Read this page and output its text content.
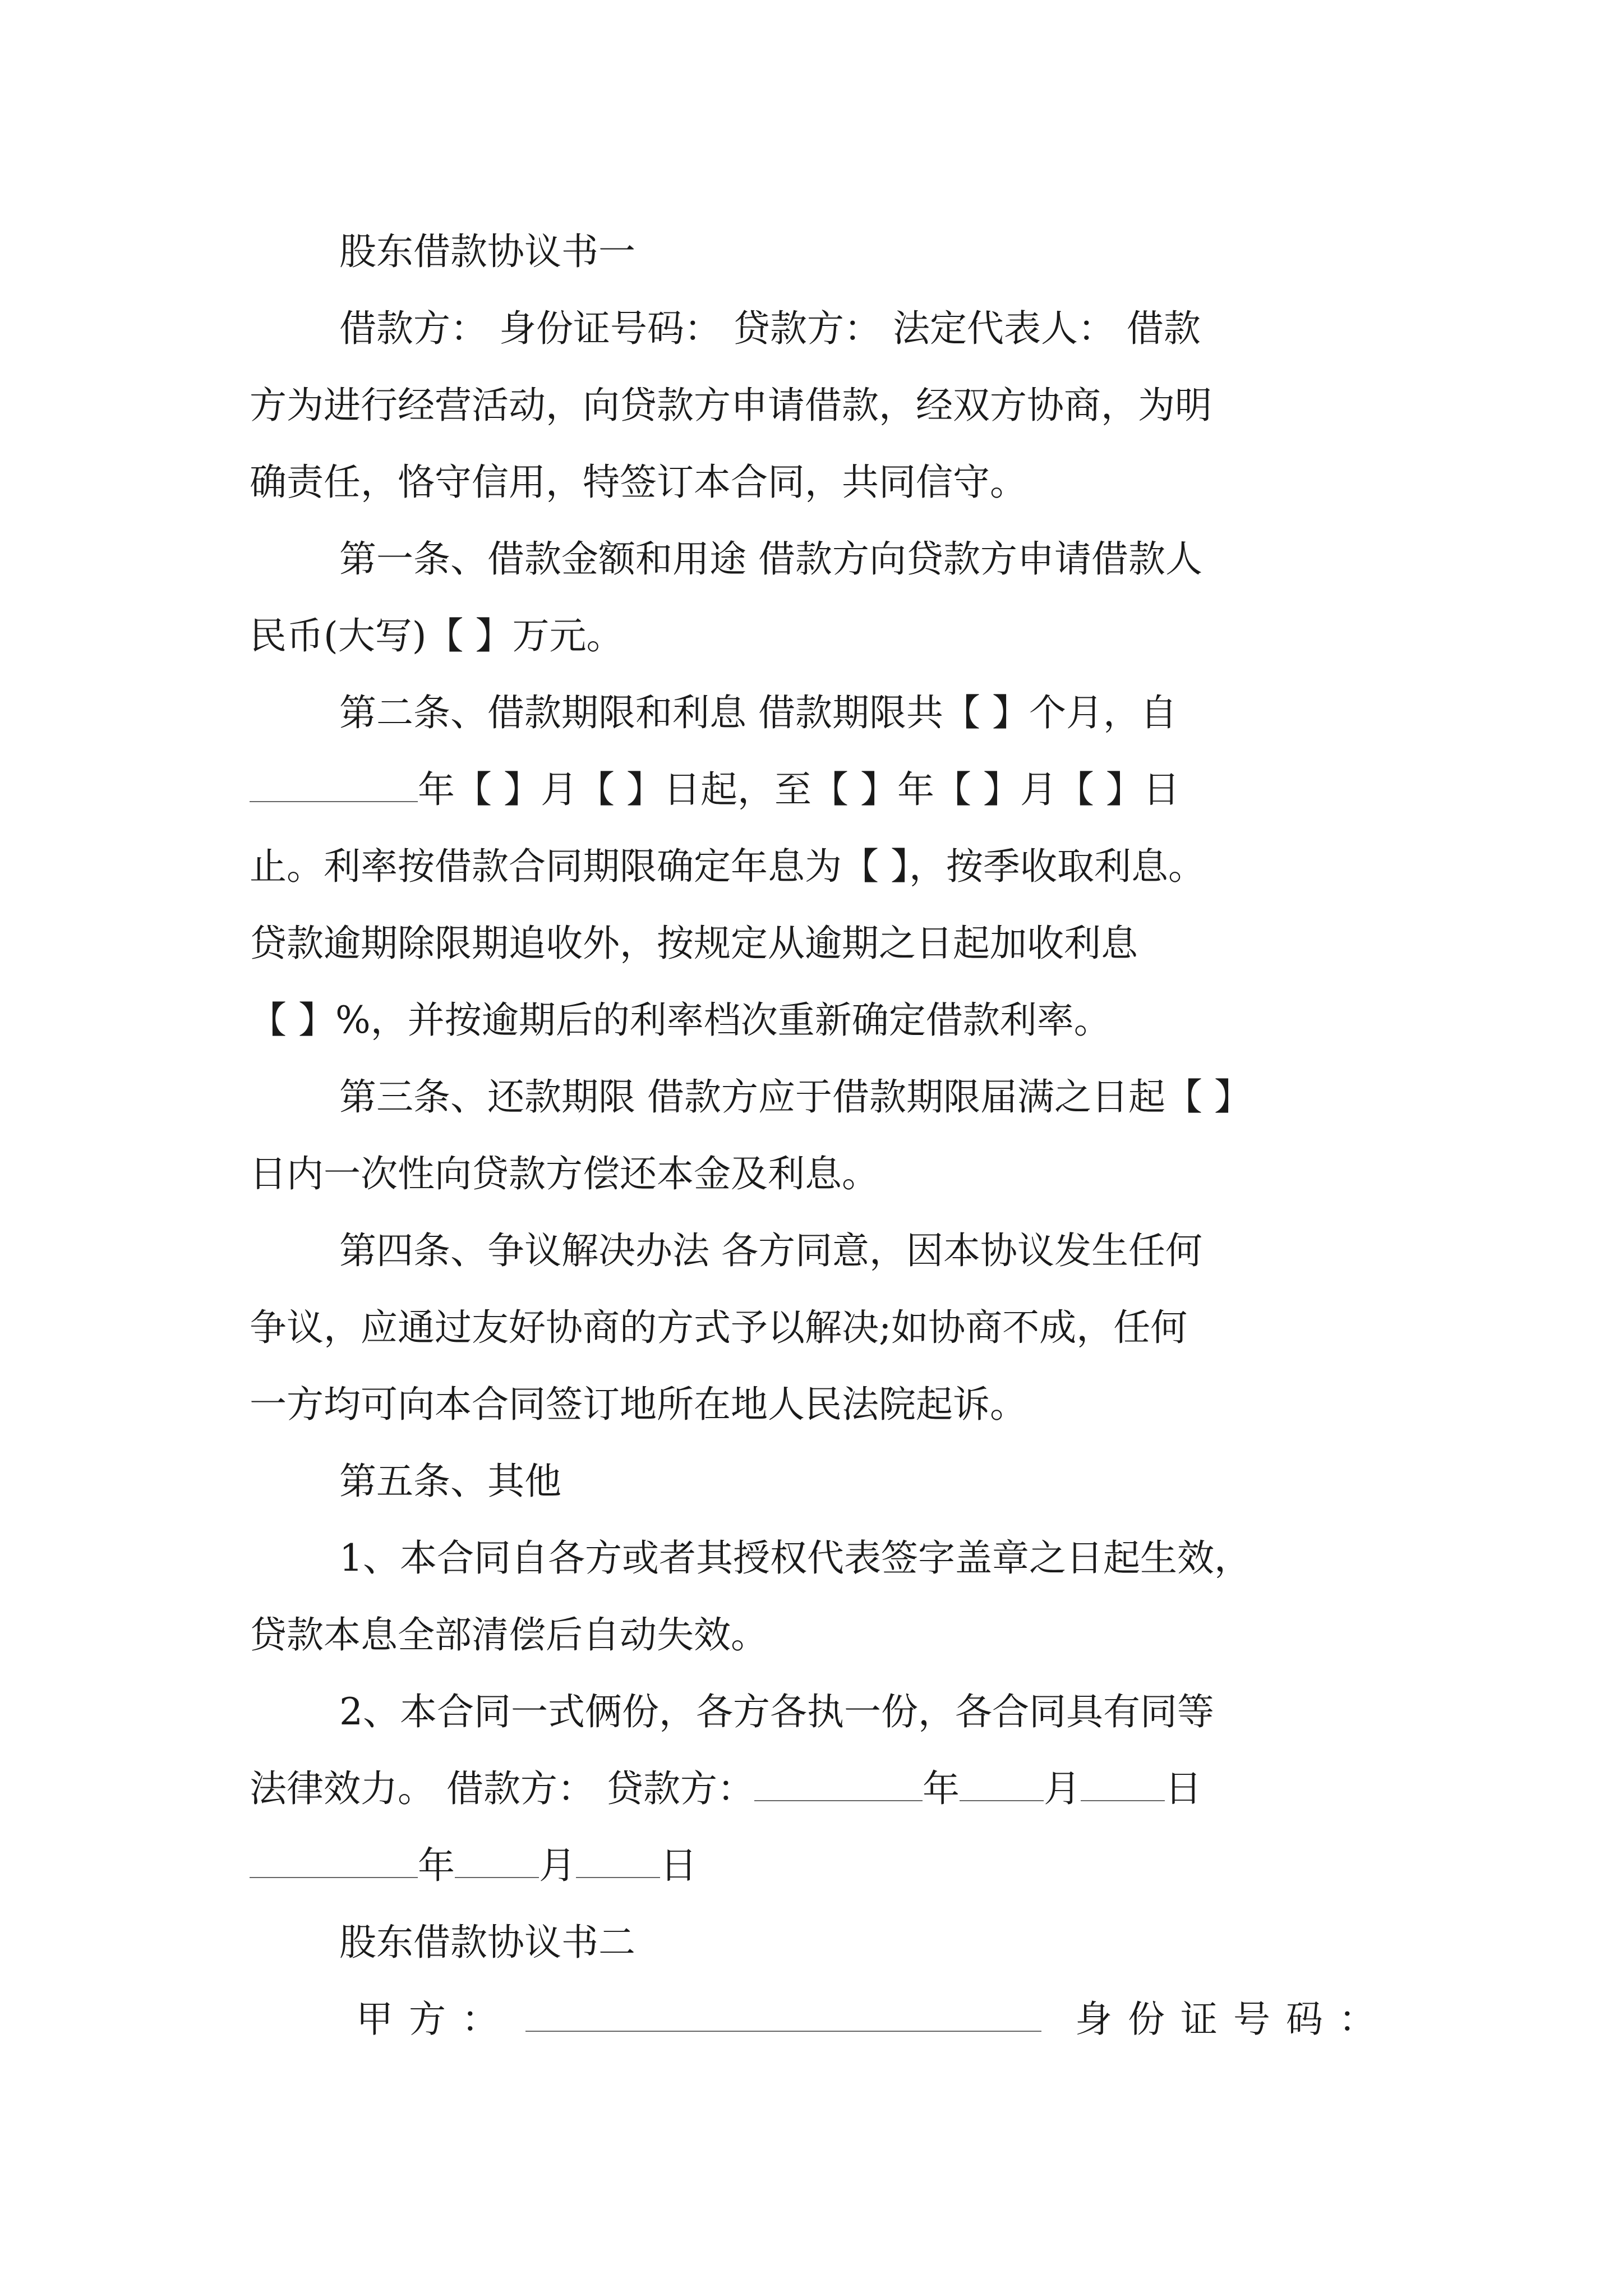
股东借款协议书一

借款方： 身份证号码： 贷款方： 法定代表人： 借款
方为进行经营活动，向贷款方申请借款，经双方协商，为明
确责任，恪守信用，特签订本合同，共同信守。

第一条、借款金额和用途 借款方向贷款方申请借款人
民币(大写)【 】万元。

第二条、借款期限和利息 借款期限共【 】个月，自
年【 】月【 】日起，至【 】年【 】月【 】日
止。利率按借款合同期限确定年息为【 】，按季收取利息。
贷款逾期除限期追收外，按规定从逾期之日起加收利息
【 】%，并按逾期后的利率档次重新确定借款利率。

第三条、还款期限 借款方应于借款期限届满之日起【 】
日内一次性向贷款方偿还本金及利息。

第四条、争议解决办法 各方同意，因本协议发生任何
争议，应通过友好协商的方式予以解决;如协商不成，任何
一方均可向本合同签订地所在地人民法院起诉。

第五条、其他

1、本合同自各方或者其授权代表签字盖章之日起生效，
贷款本息全部清偿后自动失效。

2、本合同一式俩份，各方各执一份，各合同具有同等
法律效力。 借款方： 贷款方：	年 月 日
年 月 日

股东借款协议书二

甲方：	身份证号码：
